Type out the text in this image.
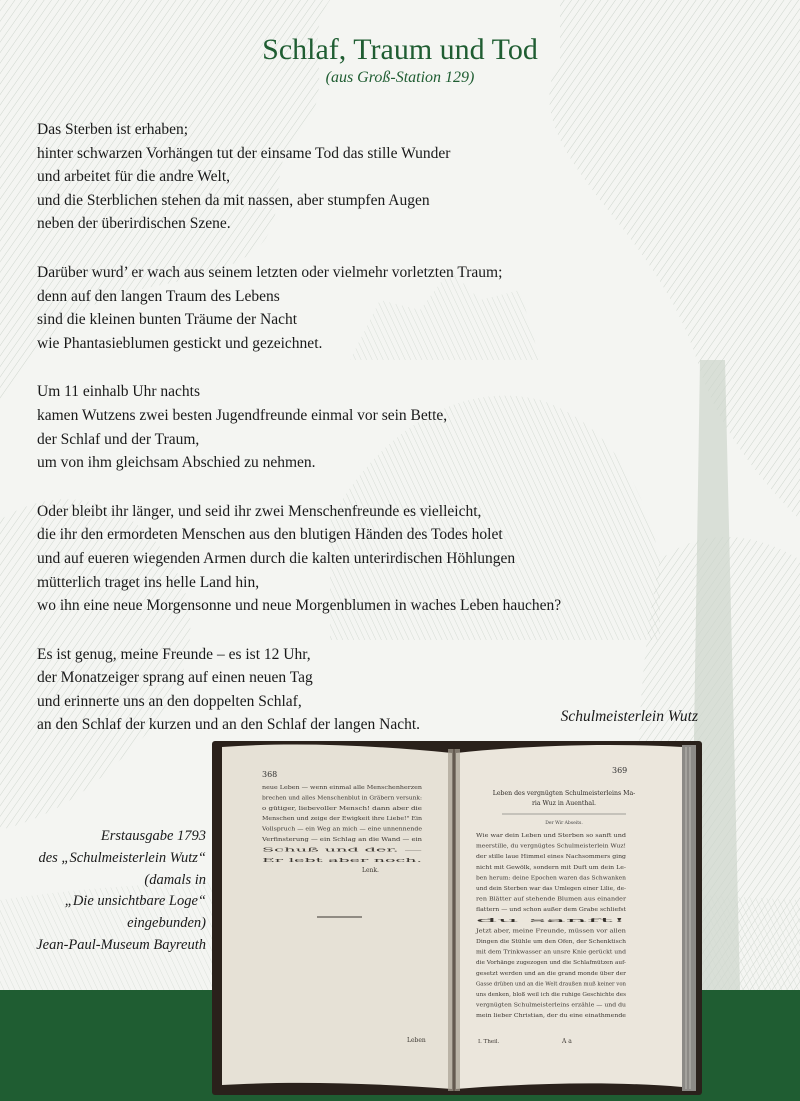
Schlaf, Traum und Tod
(aus Groß-Station 129)
Das Sterben ist erhaben;
hinter schwarzen Vorhängen tut der einsame Tod das stille Wunder
und arbeitet für die andre Welt,
und die Sterblichen stehen da mit nassen, aber stumpfen Augen
neben der überirdischen Szene.
Darüber wurd’ er wach aus seinem letzten oder vielmehr vorletzten Traum;
denn auf den langen Traum des Lebens
sind die kleinen bunten Träume der Nacht
wie Phantasieblumen gestickt und gezeichnet.
Um 11 einhalb Uhr nachts
kamen Wutzens zwei besten Jugendfreunde einmal vor sein Bette,
der Schlaf und der Traum,
um von ihm gleichsam Abschied zu nehmen.
Oder bleibt ihr länger, und seid ihr zwei Menschenfreunde es vielleicht,
die ihr den ermordeten Menschen aus den blutigen Händen des Todes holet
und auf eueren wiegenden Armen durch die kalten unterirdischen Höhlungen
mütterlich traget ins helle Land hin,
wo ihn eine neue Morgensonne und neue Morgenblumen in waches Leben hauchen?
Es ist genug, meine Freunde – es ist 12 Uhr,
der Monatzeiger sprang auf einen neuen Tag
und erinnerte uns an den doppelten Schlaf,
an den Schlaf der kurzen und an den Schlaf der langen Nacht.	Schulmeisterlein Wutz
Erstausgabe 1793
des „Schulmeisterlein Wutz“
(damals in
„Die unsichtbare Loge“
eingebunden)
Jean-Paul-Museum Bayreuth
368
neue Leben — wenn einmal alle Menschenherzen
brechen und alles Menschenblut in Gräbern versunk:
o gütiger, liebevoller Mensch! dann aber die
Menschen und zeige der Ewigkeit ihre Liebe!" Ein
Vollspruch — ein Weg an mich — eine unnennende
Verfinsterung — ein Schlag an die Wand — ein
Schuß und der. —
Er lebt aber noch.
Lenk.
Leben
369
Leben des vergnügten Schulmeisterleins Ma-
ria Wuz in Auenthal.
Der Wir Abseits.
Wie war dein Leben und Sterben so sanft und
meerstille, du vergnügtes Schulmeisterlein Wuz!
der stille laue Himmel eines Nachsommers ging
nicht mit Gewölk, sondern mit Duft um dein Le-
ben herum: deine Epochen waren das Schwanken
und dein Sterben war das Umlegen einer Lilie, de-
ren Blätter auf stehende Blumen aus einander
flattern — und schon außer dem Grabe schliefst
du sanft!
Jetzt aber, meine Freunde, müssen vor allen
Dingen die Stühle um den Ofen, der Schenktisch
mit dem Trinkwasser an unsre Knie gerückt und
die Vorhänge zugezogen und die Schlafmützen auf-
gesetzt werden und an die grand monde über der
Gasse drüben und an die Welt draußen muß keiner von
uns denken, bloß weil ich die ruhige Geschichte des
vergnügten Schulmeisterleins erzähle — und du
mein lieber Christian, der du eine einathmende
I. Theil.	A a
